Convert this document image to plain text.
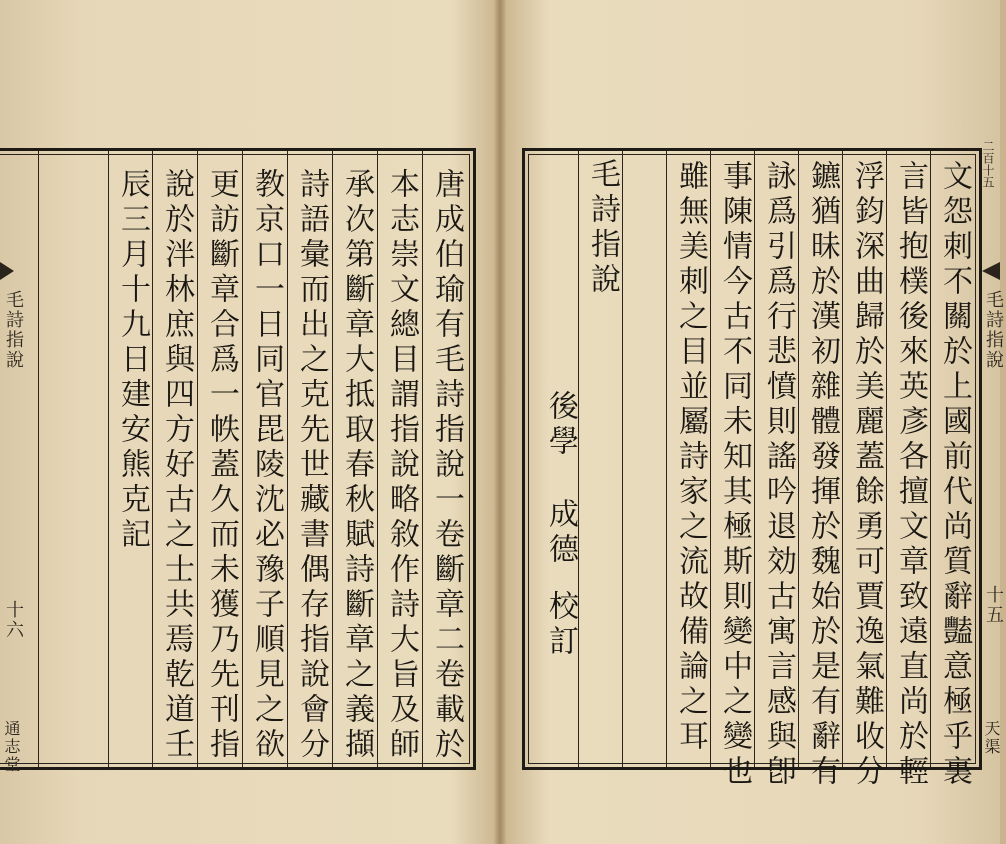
毛詩指說
十六
通志堂	唐成伯瑜有毛詩指說一卷斷章二卷載於
本志崇文總目謂指說略敘作詩大旨及師
承次第斷章大抵取春秋賦詩斷章之義擷
詩語彙而出之克先世藏書偶存指說會分
教京口一日同官毘陵沈必豫子順見之欲
更訪斷章合爲一帙蓋久而未獲乃先刊指
說於泮林庶與四方好古之士共焉乾道壬
辰三月十九日建安熊克記
二百十五
毛詩指說
十五
天渠
文怨刺不關於上國前代尚質辭豔意極乎裏
言皆抱樸後來英彥各擅文章致遠直尚於輕
浮鈞深曲歸於美麗蓋餘勇可賈逸氣難收分
鑣猶昧於漢初雜體發揮於魏始於是有辭有
詠爲引爲行悲憤則謠吟退効古寓言感與卽
事陳情今古不同未知其極斯則變中之變也
雖無美刺之目並屬詩家之流故備論之耳
毛詩指說
後學
成德
校訂
